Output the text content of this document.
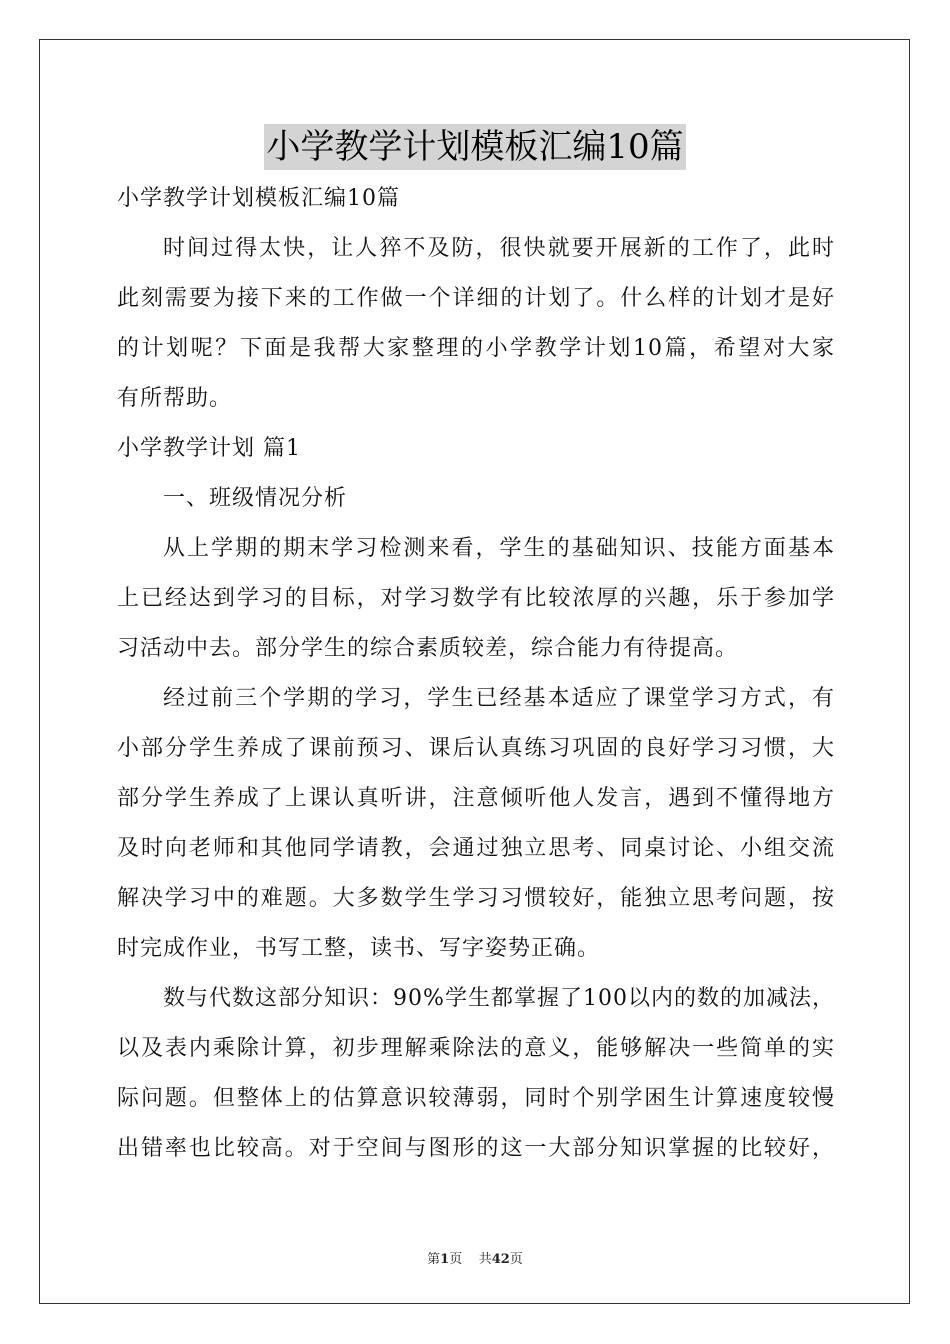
小学教学计划模板汇编10篇
小学教学计划模板汇编10篇
时间过得太快，让人猝不及防，很快就要开展新的工作了，此时
此刻需要为接下来的工作做一个详细的计划了。什么样的计划才是好
的计划呢？下面是我帮大家整理的小学教学计划10篇，希望对大家
有所帮助。
小学教学计划 篇1
一、班级情况分析
从上学期的期末学习检测来看，学生的基础知识、技能方面基本
上已经达到学习的目标，对学习数学有比较浓厚的兴趣，乐于参加学
习活动中去。部分学生的综合素质较差，综合能力有待提高。
经过前三个学期的学习，学生已经基本适应了课堂学习方式，有
小部分学生养成了课前预习、课后认真练习巩固的良好学习习惯，大
部分学生养成了上课认真听讲，注意倾听他人发言，遇到不懂得地方
及时向老师和其他同学请教，会通过独立思考、同桌讨论、小组交流
解决学习中的难题。大多数学生学习习惯较好，能独立思考问题，按
时完成作业，书写工整，读书、写字姿势正确。
数与代数这部分知识：90%学生都掌握了100以内的数的加减法，
以及表内乘除计算，初步理解乘除法的意义，能够解决一些简单的实
际问题。但整体上的估算意识较薄弱，同时个别学困生计算速度较慢
出错率也比较高。对于空间与图形的这一大部分知识掌握的比较好，
第1页 共42页
